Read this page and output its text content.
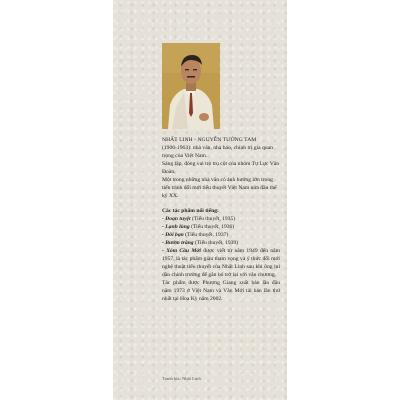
NHẤT LINH - NGUYỄN TƯỜNG TAM

(1906-1963): nhà văn, nhà báo, chính trị gia quan trọng của Việt Nam.

Sáng lập, đóng vai trò trụ cột của nhóm Tự Lực Văn Đoàn.

Một trong những nhà văn có ảnh hưởng lớn trong tiến trình đổi mới tiểu thuyết Việt Nam nửa đầu thế kỷ XX.

Các tác phẩm nổi tiếng:

- Đoạn tuyệt (Tiểu thuyết, 1935)
- Lạnh lùng (Tiểu thuyết, 1936)
- Đôi bạn (Tiểu thuyết, 1937)
- Bướm trắng (Tiểu thuyết, 1939)
- Xóm Cầu Mới được viết từ năm 1949 đến năm 1957, là tác phẩm giàu tham vọng và ý thức đổi mới nghệ thuật tiểu thuyết của Nhất Linh sau khi ông lui dần chính trường để gắn bó trở lại với văn chương.

Tác phẩm được Phượng Giang xuất bản lần đầu năm 1973 ở Việt Nam và Văn Mới tái bản lần thứ nhất tại Hoa Kỳ năm 2002.

Tranh bìa: Nhất Linh
